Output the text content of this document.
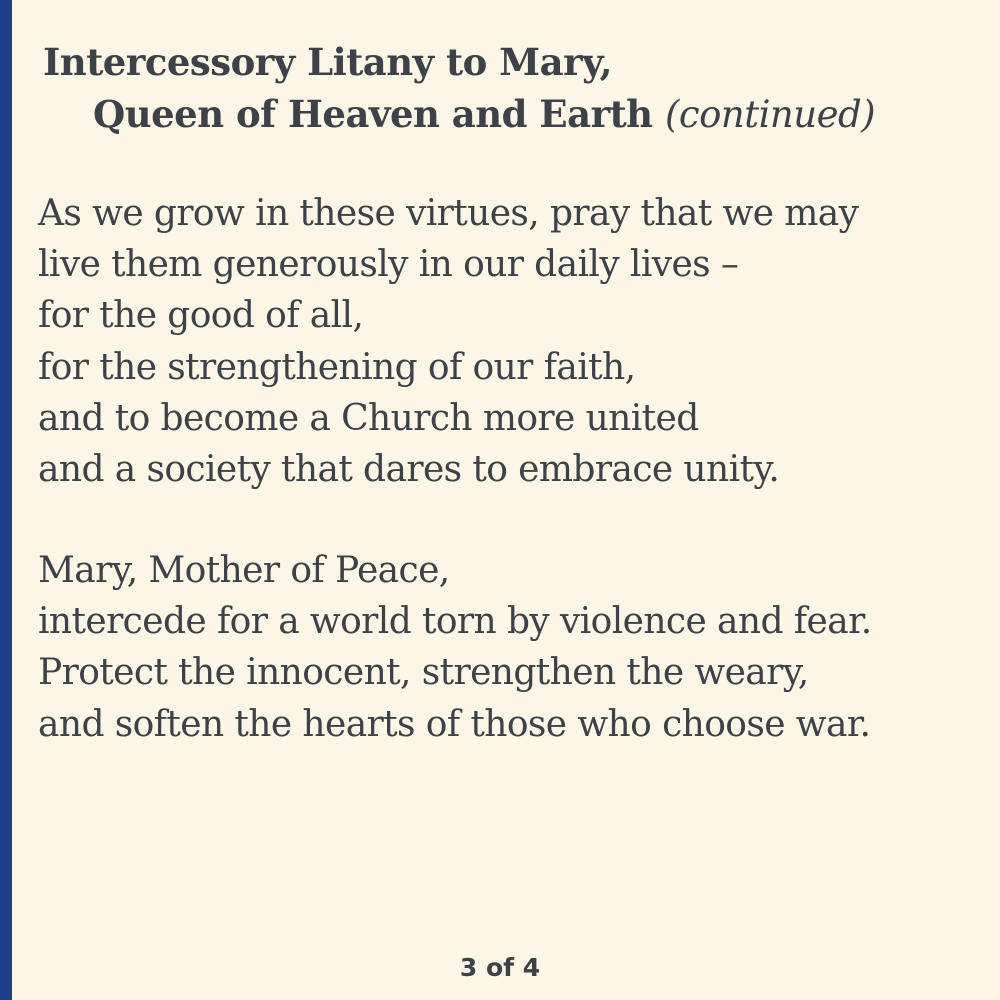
Intercessory Litany to Mary,
Queen of Heaven and Earth (continued)
As we grow in these virtues, pray that we may
live them generously in our daily lives –
for the good of all,
for the strengthening of our faith,
and to become a Church more united
and a society that dares to embrace unity.
Mary, Mother of Peace,
intercede for a world torn by violence and fear.
Protect the innocent, strengthen the weary,
and soften the hearts of those who choose war.
3 of 4
